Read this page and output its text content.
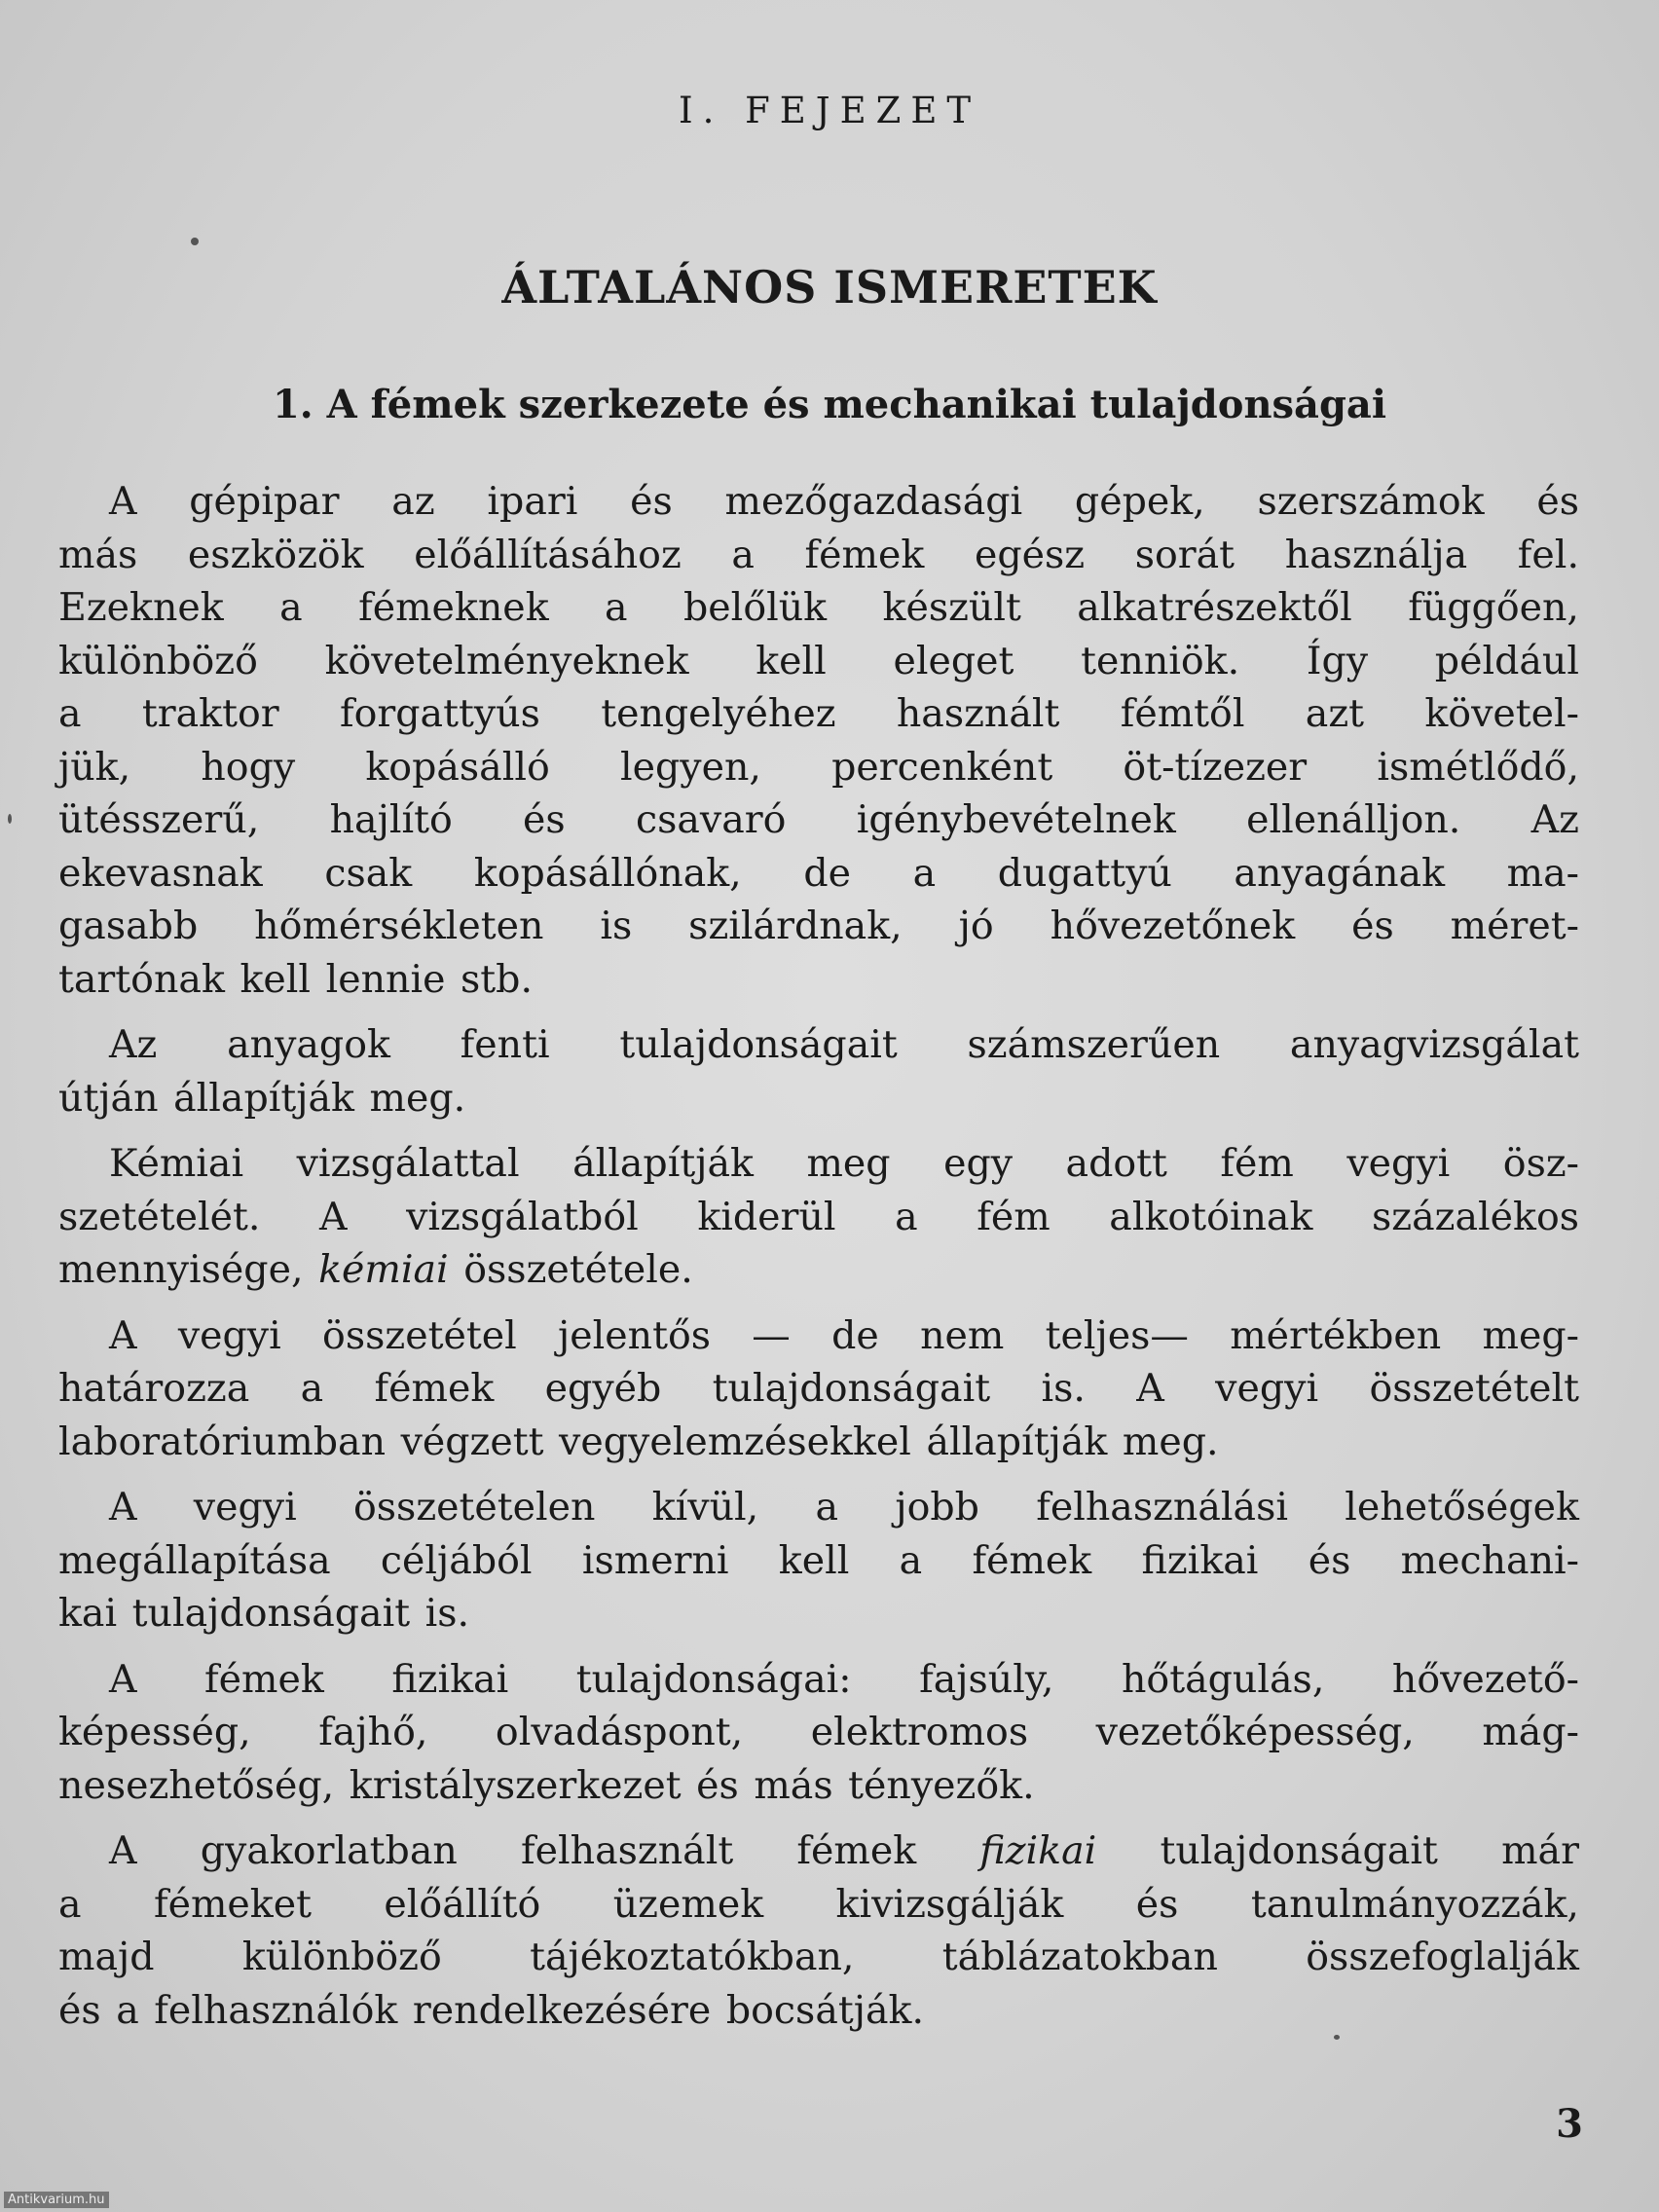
I. FEJEZET
ÁLTALÁNOS ISMERETEK
1. A fémek szerkezete és mechanikai tulajdonságai

A gépipar az ipari és mezőgazdasági gépek, szerszámok és
más eszközök előállításához a fémek egész sorát használja fel.
Ezeknek a fémeknek a belőlük készült alkatrészektől függően,
különböző követelményeknek kell eleget tenniök. Így például
a traktor forgattyús tengelyéhez használt fémtől azt követel-
jük, hogy kopásálló legyen, percenként öt-tízezer ismétlődő,
ütésszerű, hajlító és csavaró igénybevételnek ellenálljon. Az
ekevasnak csak kopásállónak, de a dugattyú anyagának ma-
gasabb hőmérsékleten is szilárdnak, jó hővezetőnek és méret-
tartónak kell lennie stb.

Az anyagok fenti tulajdonságait számszerűen anyagvizsgálat
útján állapítják meg.

Kémiai vizsgálattal állapítják meg egy adott fém vegyi ösz-
szetételét. A vizsgálatból kiderül a fém alkotóinak százalékos
mennyisége, kémiai összetétele.

A vegyi összetétel jelentős — de nem teljes— mértékben meg-
határozza a fémek egyéb tulajdonságait is. A vegyi összetételt
laboratóriumban végzett vegyelemzésekkel állapítják meg.

A vegyi összetételen kívül, a jobb felhasználási lehetőségek
megállapítása céljából ismerni kell a fémek fizikai és mechani-
kai tulajdonságait is.

A fémek fizikai tulajdonságai: fajsúly, hőtágulás, hővezető-
képesség, fajhő, olvadáspont, elektromos vezetőképesség, mág-
nesezhetőség, kristályszerkezet és más tényezők.

A gyakorlatban felhasznált fémek fizikai tulajdonságait már
a fémeket előállító üzemek kivizsgálják és tanulmányozzák,
majd különböző tájékoztatókban, táblázatokban összefoglalják
és a felhasználók rendelkezésére bocsátják.

3
Antikvarium.hu
